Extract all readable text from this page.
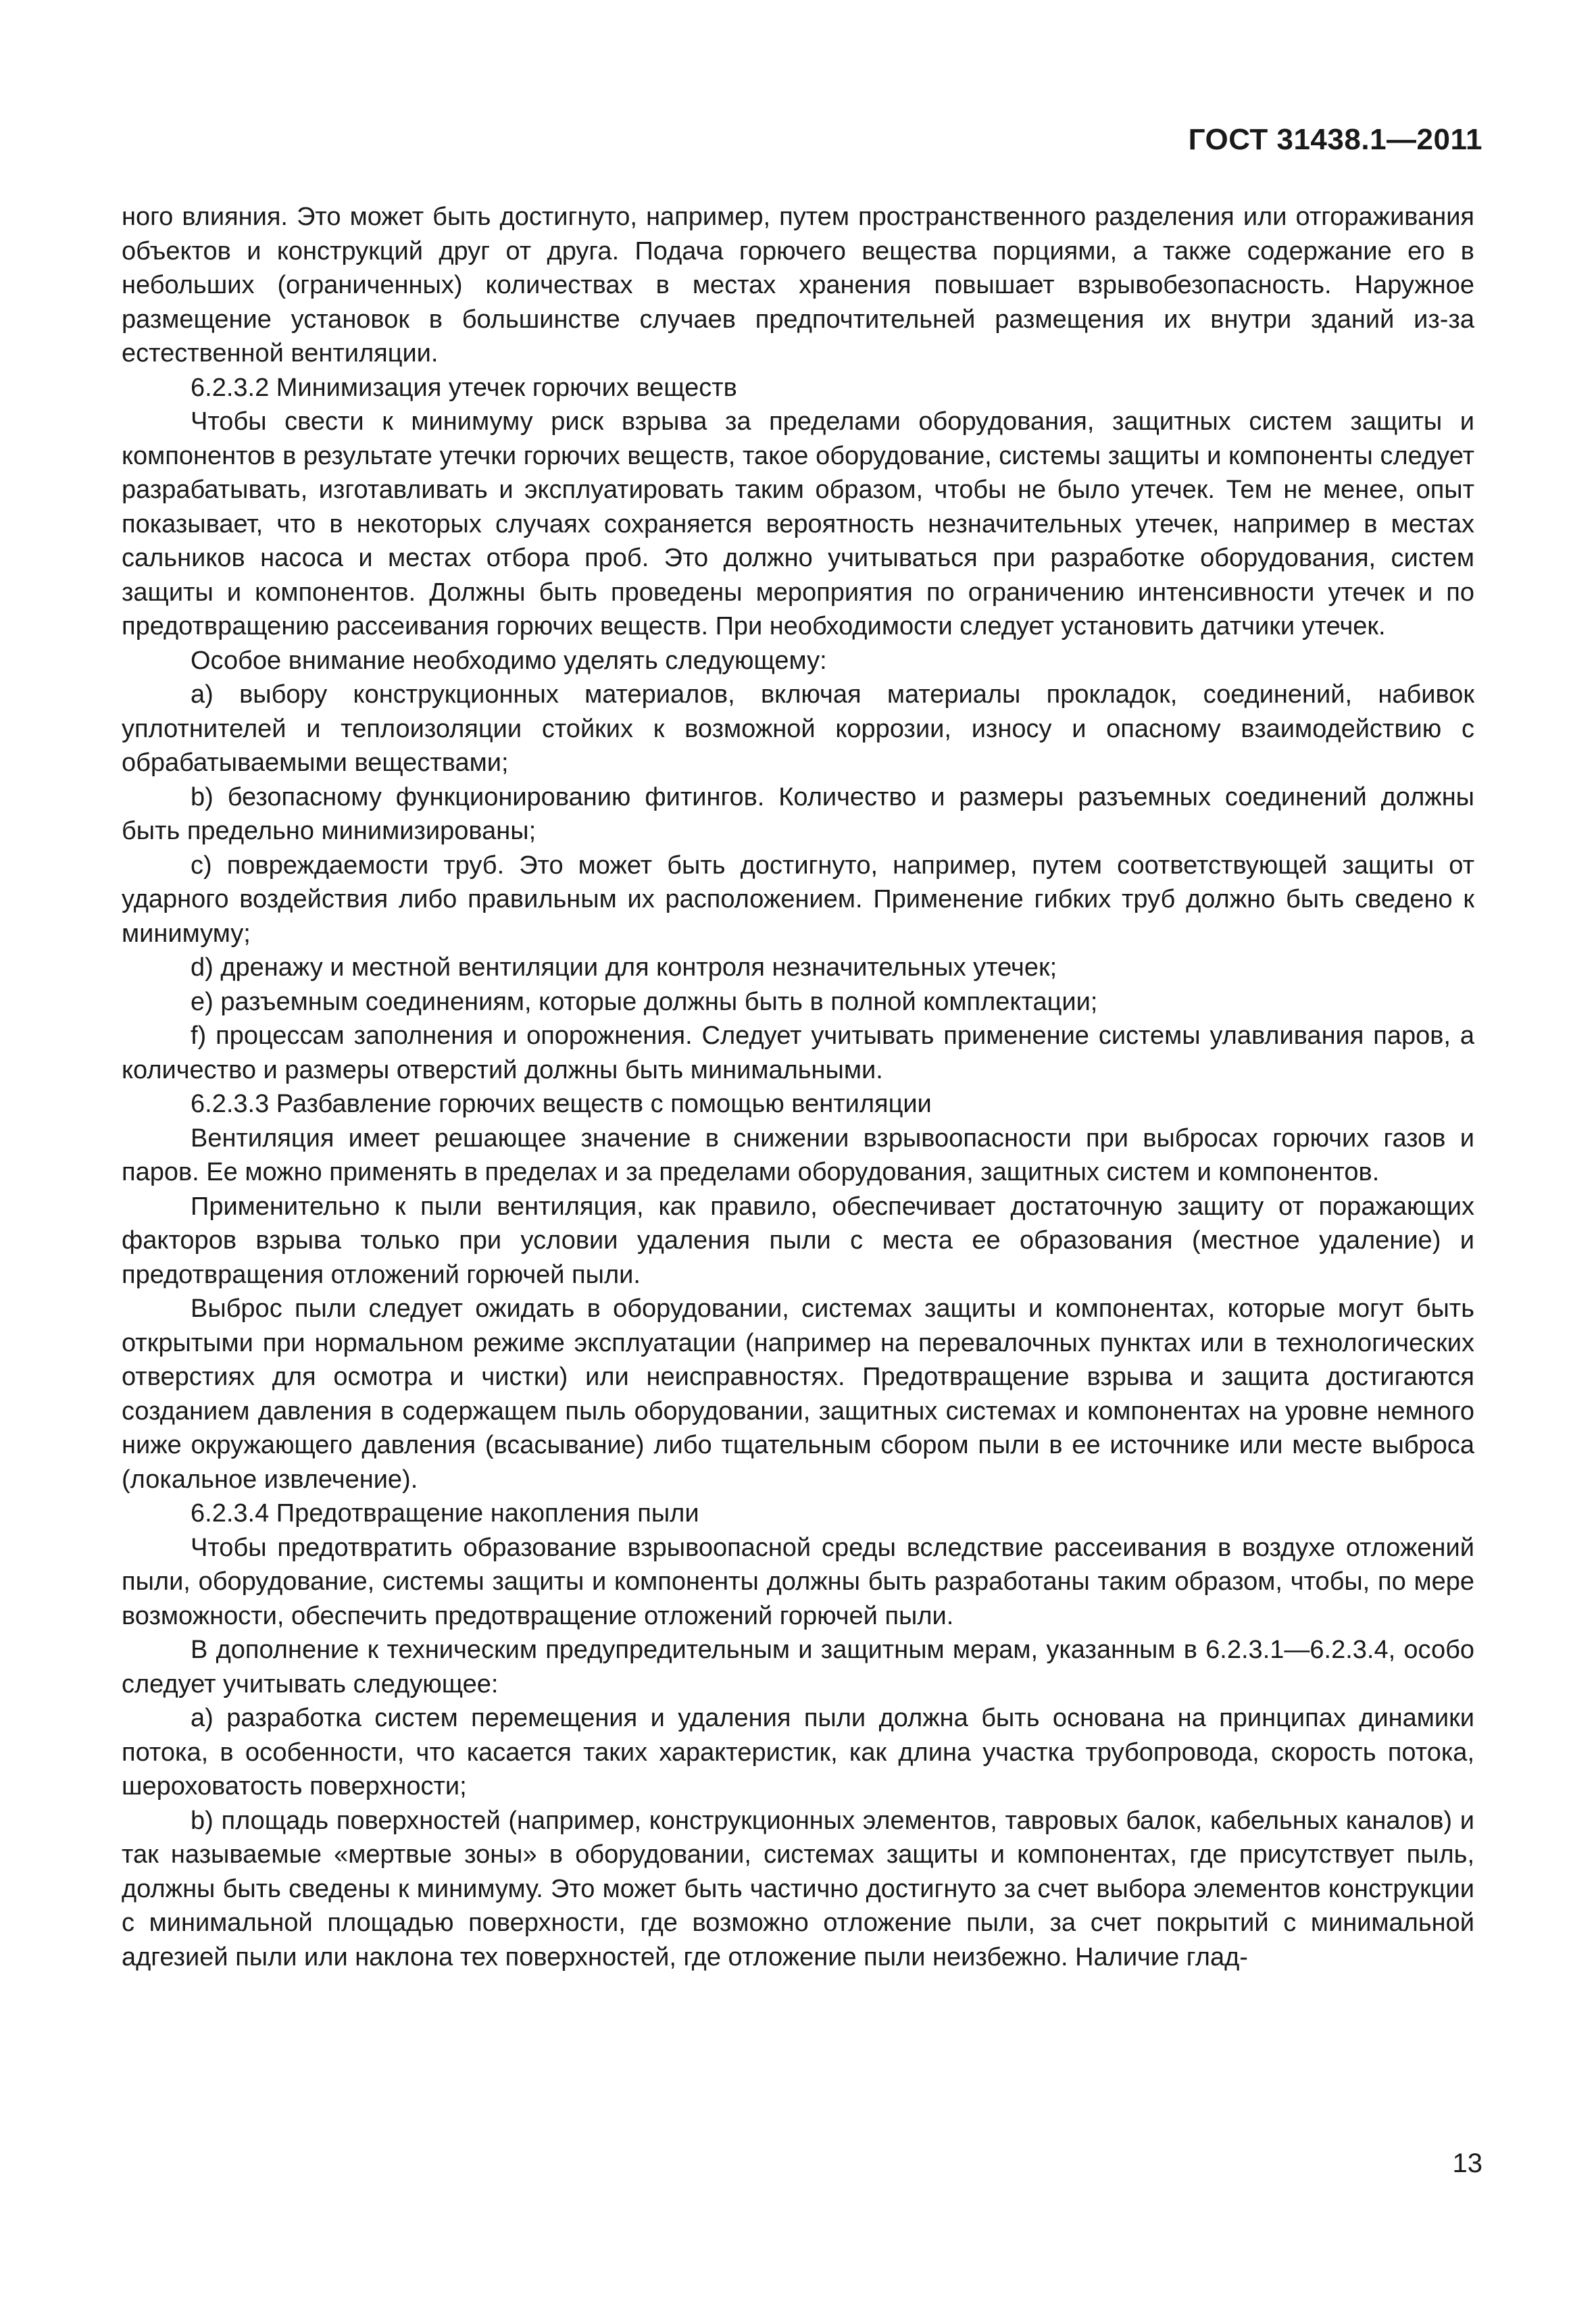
ГОСТ 31438.1—2011

ного влияния. Это может быть достигнуто, например, путем пространственного разделения или отгораживания объектов и конструкций друг от друга. Подача горючего вещества порциями, а также содержание его в небольших (ограниченных) количествах в местах хранения повышает взрывобезопасность. Наружное размещение установок в большинстве случаев предпочтительней размещения их внутри зданий из-за естественной вентиляции.

6.2.3.2 Минимизация утечек горючих веществ

Чтобы свести к минимуму риск взрыва за пределами оборудования, защитных систем защиты и компонентов в результате утечки горючих веществ, такое оборудование, системы защиты и компоненты следует разрабатывать, изготавливать и эксплуатировать таким образом, чтобы не было утечек. Тем не менее, опыт показывает, что в некоторых случаях сохраняется вероятность незначительных утечек, например в местах сальников насоса и местах отбора проб. Это должно учитываться при разработке оборудования, систем защиты и компонентов. Должны быть проведены мероприятия по ограничению интенсивности утечек и по предотвращению рассеивания горючих веществ. При необходимости следует установить датчики утечек.

Особое внимание необходимо уделять следующему:

a) выбору конструкционных материалов, включая материалы прокладок, соединений, набивок уплотнителей и теплоизоляции стойких к возможной коррозии, износу и опасному взаимодействию с обрабатываемыми веществами;

b) безопасному функционированию фитингов. Количество и размеры разъемных соединений должны быть предельно минимизированы;

c) повреждаемости труб. Это может быть достигнуто, например, путем соответствующей защиты от ударного воздействия либо правильным их расположением. Применение гибких труб должно быть сведено к минимуму;

d) дренажу и местной вентиляции для контроля незначительных утечек;

e) разъемным соединениям, которые должны быть в полной комплектации;

f) процессам заполнения и опорожнения. Следует учитывать применение системы улавливания паров, а количество и размеры отверстий должны быть минимальными.

6.2.3.3 Разбавление горючих веществ с помощью вентиляции

Вентиляция имеет решающее значение в снижении взрывоопасности при выбросах горючих газов и паров. Ее можно применять в пределах и за пределами оборудования, защитных систем и компонентов.

Применительно к пыли вентиляция, как правило, обеспечивает достаточную защиту от поражающих факторов взрыва только при условии удаления пыли с места ее образования (местное удаление) и предотвращения отложений горючей пыли.

Выброс пыли следует ожидать в оборудовании, системах защиты и компонентах, которые могут быть открытыми при нормальном режиме эксплуатации (например на перевалочных пунктах или в технологических отверстиях для осмотра и чистки) или неисправностях. Предотвращение взрыва и защита достигаются созданием давления в содержащем пыль оборудовании, защитных системах и компонентах на уровне немного ниже окружающего давления (всасывание) либо тщательным сбором пыли в ее источнике или месте выброса (локальное извлечение).

6.2.3.4 Предотвращение накопления пыли

Чтобы предотвратить образование взрывоопасной среды вследствие рассеивания в воздухе отложений пыли, оборудование, системы защиты и компоненты должны быть разработаны таким образом, чтобы, по мере возможности, обеспечить предотвращение отложений горючей пыли.

В дополнение к техническим предупредительным и защитным мерам, указанным в 6.2.3.1—6.2.3.4, особо следует учитывать следующее:

a) разработка систем перемещения и удаления пыли должна быть основана на принципах динамики потока, в особенности, что касается таких характеристик, как длина участка трубопровода, скорость потока, шероховатость поверхности;

b) площадь поверхностей (например, конструкционных элементов, тавровых балок, кабельных каналов) и так называемые «мертвые зоны» в оборудовании, системах защиты и компонентах, где присутствует пыль, должны быть сведены к минимуму. Это может быть частично достигнуто за счет выбора элементов конструкции с минимальной площадью поверхности, где возможно отложение пыли, за счет покрытий с минимальной адгезией пыли или наклона тех поверхностей, где отложение пыли неизбежно. Наличие глад-

13
